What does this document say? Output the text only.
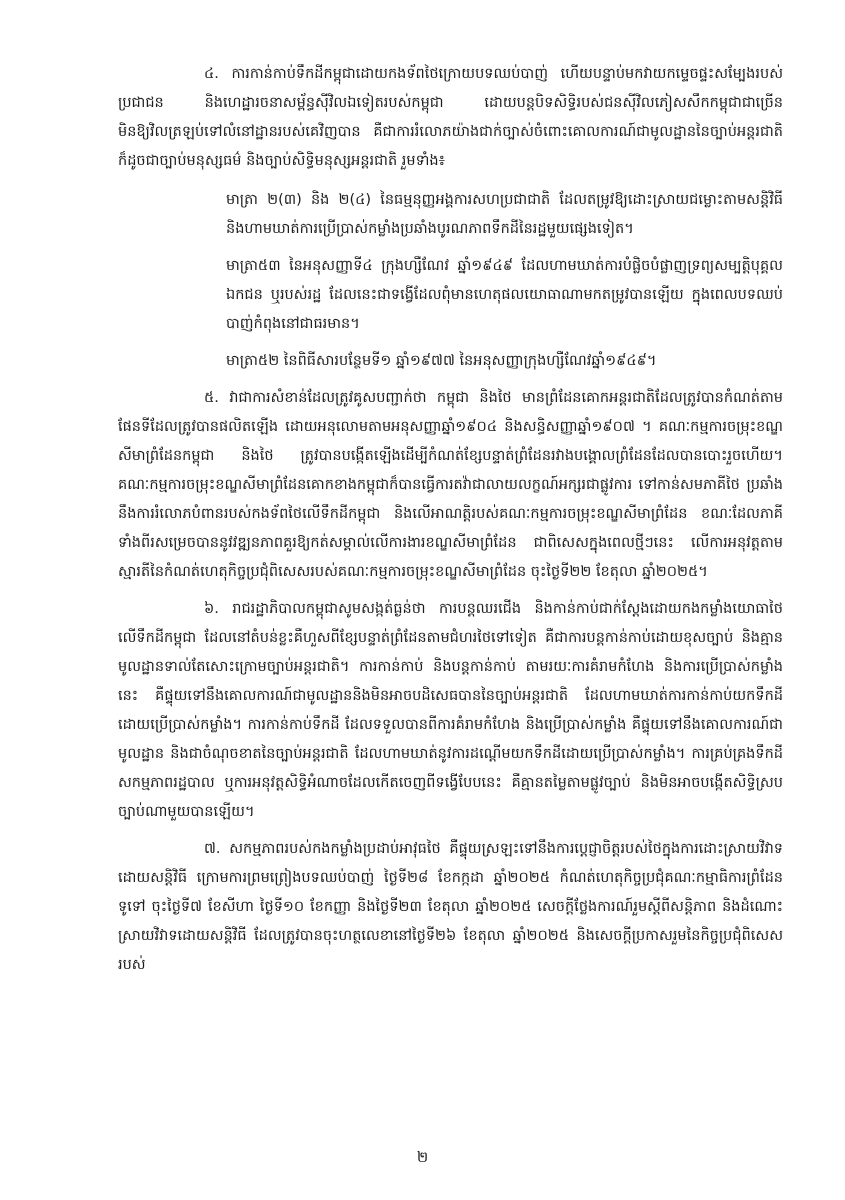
៤. ការកាន់កាប់ទឹកដីកម្ពុជាដោយកងទ័ពថៃក្រោយបទឈប់បាញ់ ហើយបន្ទាប់មកវាយកម្ទេចផ្ទះសម្បែងរបស់ប្រជាជន និងហេដ្ឋារចនាសម្ព័ន្ធស៊ីវិលឯទៀតរបស់កម្ពុជា ដោយបន្តបិទសិទ្ធិរបស់ជនស៊ីវិលភៀសសឹកកម្ពុជាជាច្រើន មិនឱ្យវិលត្រឡប់ទៅលំនៅដ្ឋានរបស់គេវិញបាន គឺជាការរំលោភយ៉ាងជាក់ច្បាស់ចំពោះគោលការណ៍ជាមូលដ្ឋាននៃច្បាប់អន្តរជាតិ ក៏ដូចជាច្បាប់មនុស្សធម៌ និងច្បាប់សិទ្ធិមនុស្សអន្តរជាតិ រួមទាំង៖

មាត្រា ២(៣) និង ២(៤) នៃធម្មនុញ្ញអង្គការសហប្រជាជាតិ ដែលតម្រូវឱ្យដោះស្រាយជម្លោះតាមសន្តិវិធី និងហាមឃាត់ការប្រើប្រាស់កម្លាំងប្រឆាំងបូរណភាពទឹកដីនៃរដ្ឋមួយផ្សេងទៀត។

មាត្រា៥៣ នៃអនុសញ្ញាទី៤ ក្រុងហ្សឺណែវ ឆ្នាំ១៩៤៩ ដែលហាមឃាត់ការបំផ្លិចបំផ្លាញទ្រព្យសម្បត្តិបុគ្គលឯកជន ឬរបស់រដ្ឋ ដែលនេះជាទង្វើដែលពុំមានហេតុផលយោធាណាមកតម្រូវបានឡើយ ក្នុងពេលបទឈប់បាញ់កំពុងនៅជាធរមាន។

មាត្រា៥២ នៃពិធីសារបន្ថែមទី១ ឆ្នាំ១៩៧៧ នៃអនុសញ្ញាក្រុងហ្សឺណែវឆ្នាំ១៩៤៩។

៥. វាជាការសំខាន់ដែលត្រូវគូសបញ្ជាក់ថា កម្ពុជា និងថៃ មានព្រំដែនគោកអន្តរជាតិដែលត្រូវបានកំណត់តាមផែនទីដែលត្រូវបានផលិតឡើង ដោយអនុលោមតាមអនុសញ្ញាឆ្នាំ១៩០៤ និងសន្ធិសញ្ញាឆ្នាំ១៩០៧ ។ គណៈកម្មការចម្រុះខណ្ឌសីមាព្រំដែនកម្ពុជា និងថៃ ត្រូវបានបង្កើតឡើងដើម្បីកំណត់ខ្សែបន្ទាត់ព្រំដែនរវាងបង្គោលព្រំដែនដែលបានបោះរួចហើយ។ គណៈកម្មការចម្រុះខណ្ឌសីមាព្រំដែនគោកខាងកម្ពុជាក៏បានធ្វើការតវ៉ាជាលាយលក្ខណ៍អក្សរជាផ្លូវការ ទៅកាន់សមភាគីថៃ ប្រឆាំងនឹងការរំលោភបំពានរបស់កងទ័ពថៃលើទឹកដីកម្ពុជា និងលើអាណត្តិរបស់គណៈកម្មការចម្រុះខណ្ឌសីមាព្រំដែន ខណៈដែលភាគីទាំងពីរសម្រេចបាននូវវឌ្ឍនភាពគួរឱ្យកត់សម្គាល់លើការងារខណ្ឌសីមាព្រំដែន ជាពិសេសក្នុងពេលថ្មីៗនេះ លើការអនុវត្តតាមស្មារតីនៃកំណត់ហេតុកិច្ចប្រជុំពិសេសរបស់គណៈកម្មការចម្រុះខណ្ឌសីមាព្រំដែន ចុះថ្ងៃទី២២ ខែតុលា ឆ្នាំ២០២៥។

៦. រាជរដ្ឋាភិបាលកម្ពុជាសូមសង្កត់ធ្ងន់ថា ការបន្តឈរជើង និងកាន់កាប់ជាក់ស្តែងដោយកងកម្លាំងយោធាថៃលើទឹកដីកម្ពុជា ដែលនៅតំបន់ខ្លះគឺហួសពីខ្សែបន្ទាត់ព្រំដែនតាមជំហរថៃទៅទៀត គឺជាការបន្តកាន់កាប់ដោយខុសច្បាប់ និងគ្មានមូលដ្ឋានទាល់តែសោះក្រោមច្បាប់អន្តរជាតិ។ ការកាន់កាប់ និងបន្តកាន់កាប់ តាមរយៈការគំរាមកំហែង និងការប្រើប្រាស់កម្លាំងនេះ គឺផ្ទុយទៅនឹងគោលការណ៍ជាមូលដ្ឋាននិងមិនអាចបដិសេធបាននៃច្បាប់អន្តរជាតិ ដែលហាមឃាត់ការកាន់កាប់យកទឹកដីដោយប្រើប្រាស់កម្លាំង។ ការកាន់កាប់ទឹកដី ដែលទទួលបានពីការគំរាមកំហែង និងប្រើប្រាស់កម្លាំង គឺផ្ទុយទៅនឹងគោលការណ៍ជាមូលដ្ឋាន និងជាចំណុចខាតនៃច្បាប់អន្តរជាតិ ដែលហាមឃាត់នូវការដណ្តើមយកទឹកដីដោយប្រើប្រាស់កម្លាំង។ ការគ្រប់គ្រងទឹកដី សកម្មភាពរដ្ឋបាល ឬការអនុវត្តសិទ្ធិអំណាចដែលកើតចេញពីទង្វើបែបនេះ គឺគ្មានតម្លៃតាមផ្លូវច្បាប់ និងមិនអាចបង្កើតសិទ្ធិស្របច្បាប់ណាមួយបានឡើយ។

៧. សកម្មភាពរបស់កងកម្លាំងប្រដាប់អាវុធថៃ គឺផ្ទុយស្រឡះទៅនឹងការប្តេជ្ញាចិត្តរបស់ថៃក្នុងការដោះស្រាយវិវាទដោយសន្តិវិធី ក្រោមការព្រមព្រៀងបទឈប់បាញ់ ថ្ងៃទី២៨ ខែកក្កដា ឆ្នាំ២០២៥ កំណត់ហេតុកិច្ចប្រជុំគណៈកម្មាធិការព្រំដែនទូទៅ ចុះថ្ងៃទី៧ ខែសីហា ថ្ងៃទី១០ ខែកញ្ញា និងថ្ងៃទី២៣ ខែតុលា ឆ្នាំ២០២៥ សេចក្តីថ្លែងការណ៍រួមស្តីពីសន្តិភាព និងដំណោះស្រាយវិវាទដោយសន្តិវិធី ដែលត្រូវបានចុះហត្ថលេខានៅថ្ងៃទី២៦ ខែតុលា ឆ្នាំ២០២៥ និងសេចក្តីប្រកាសរួមនៃកិច្ចប្រជុំពិសេសរបស់

២
